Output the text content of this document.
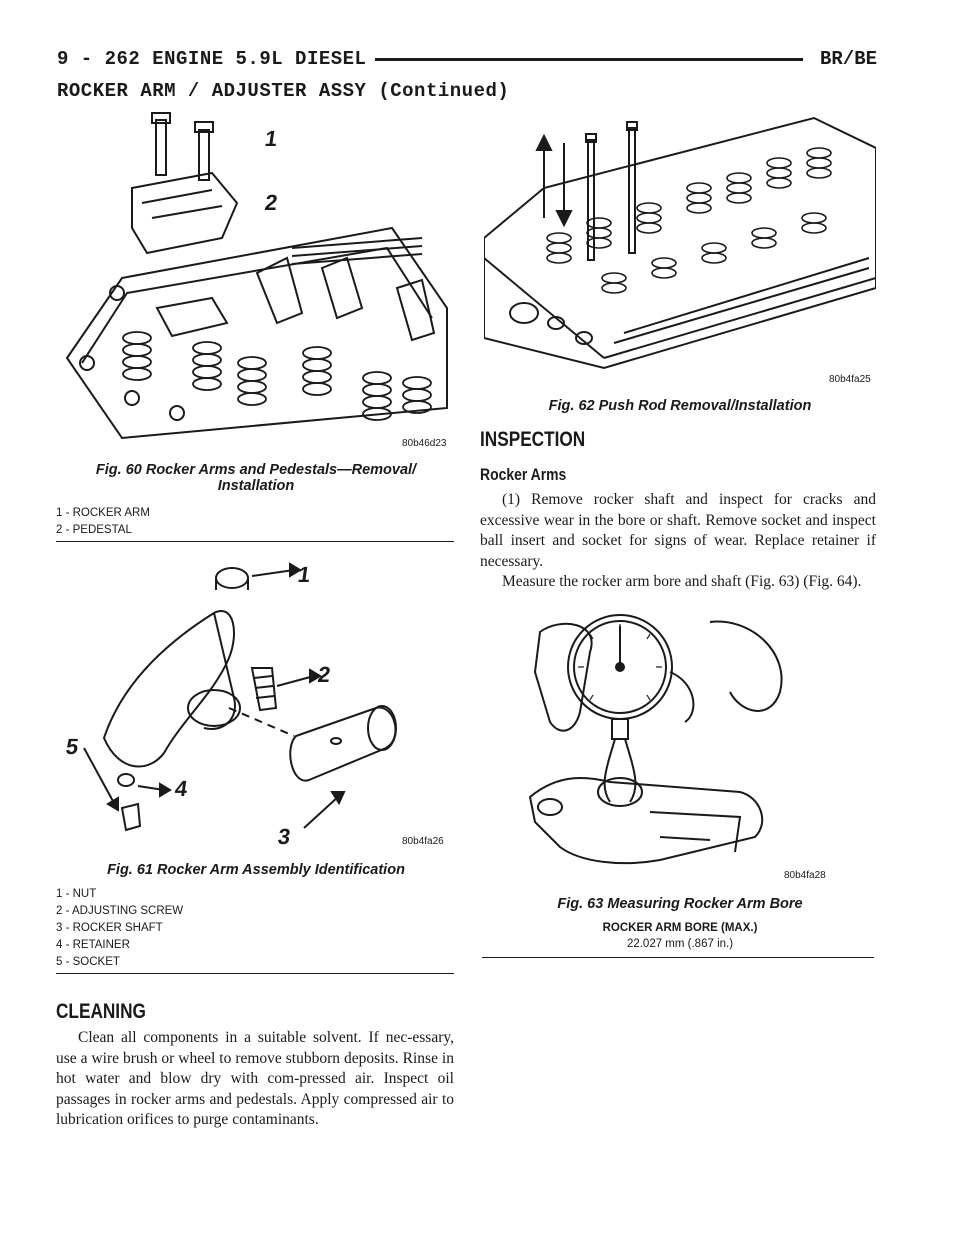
9 - 262 ENGINE 5.9L DIESEL	BR/BE
ROCKER ARM / ADJUSTER ASSY (Continued)
1
2
80b46d23
Fig. 60 Rocker Arms and Pedestals—Removal/
Installation
1 - ROCKER ARM
2 - PEDESTAL
1
2
3
4
5
80b4fa26
Fig. 61 Rocker Arm Assembly Identification
1 - NUT
2 - ADJUSTING SCREW
3 - ROCKER SHAFT
4 - RETAINER
5 - SOCKET
CLEANING

Clean all components in a suitable solvent. If nec-essary, use a wire brush or wheel to remove stubborn deposits. Rinse in hot water and blow dry with com-pressed air. Inspect oil passages in rocker arms and pedestals. Apply compressed air to lubrication orifices to purge contaminants.

80b4fa25
Fig. 62 Push Rod Removal/Installation
INSPECTION
Rocker Arms

(1) Remove rocker shaft and inspect for cracks and excessive wear in the bore or shaft. Remove socket and inspect ball insert and socket for signs of wear. Replace retainer if necessary.

Measure the rocker arm bore and shaft (Fig. 63) (Fig. 64).

80b4fa28
Fig. 63 Measuring Rocker Arm Bore
ROCKER ARM BORE (MAX.)
22.027 mm (.867 in.)
